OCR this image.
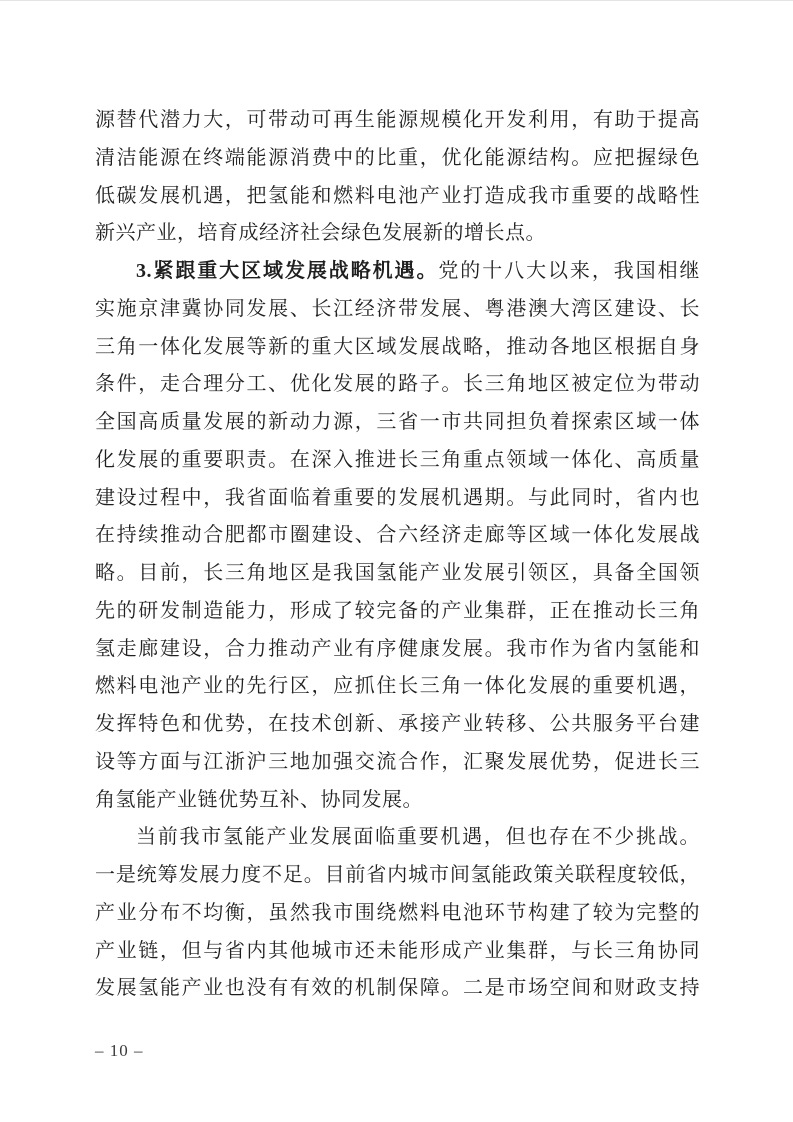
源替代潜力大，可带动可再生能源规模化开发利用，有助于提高
清洁能源在终端能源消费中的比重，优化能源结构。应把握绿色
低碳发展机遇，把氢能和燃料电池产业打造成我市重要的战略性
新兴产业，培育成经济社会绿色发展新的增长点。
3.紧跟重大区域发展战略机遇。党的十八大以来，我国相继
实施京津冀协同发展、长江经济带发展、粤港澳大湾区建设、长
三角一体化发展等新的重大区域发展战略，推动各地区根据自身
条件，走合理分工、优化发展的路子。长三角地区被定位为带动
全国高质量发展的新动力源，三省一市共同担负着探索区域一体
化发展的重要职责。在深入推进长三角重点领域一体化、高质量
建设过程中，我省面临着重要的发展机遇期。与此同时，省内也
在持续推动合肥都市圈建设、合六经济走廊等区域一体化发展战
略。目前，长三角地区是我国氢能产业发展引领区，具备全国领
先的研发制造能力，形成了较完备的产业集群，正在推动长三角
氢走廊建设，合力推动产业有序健康发展。我市作为省内氢能和
燃料电池产业的先行区，应抓住长三角一体化发展的重要机遇，
发挥特色和优势，在技术创新、承接产业转移、公共服务平台建
设等方面与江浙沪三地加强交流合作，汇聚发展优势，促进长三
角氢能产业链优势互补、协同发展。
当前我市氢能产业发展面临重要机遇，但也存在不少挑战。
一是统筹发展力度不足。目前省内城市间氢能政策关联程度较低，
产业分布不均衡，虽然我市围绕燃料电池环节构建了较为完整的
产业链，但与省内其他城市还未能形成产业集群，与长三角协同
发展氢能产业也没有有效的机制保障。二是市场空间和财政支持
– 10 –
